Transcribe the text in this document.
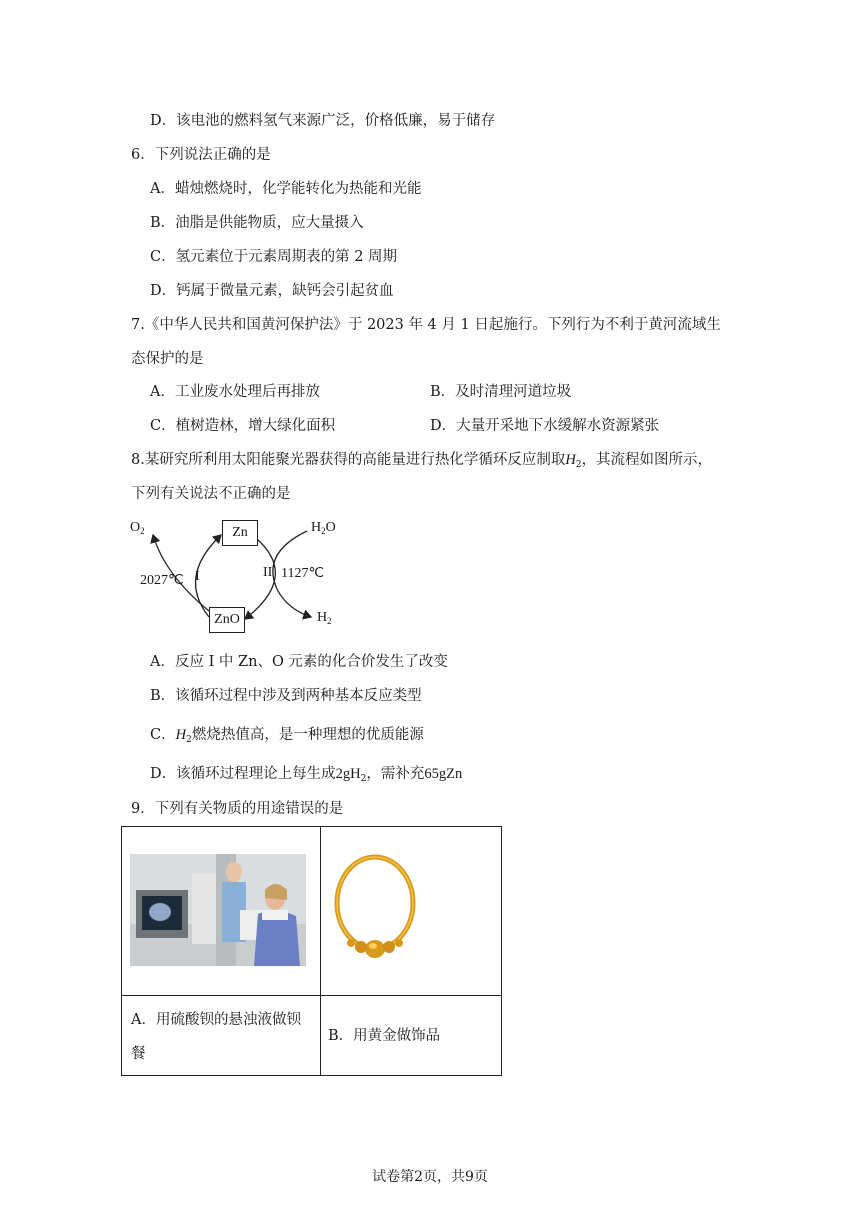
D．该电池的燃料氢气来源广泛，价格低廉，易于储存
6．下列说法正确的是
A．蜡烛燃烧时，化学能转化为热能和光能
B．油脂是供能物质，应大量摄入
C．氢元素位于元素周期表的第 2 周期
D．钙属于微量元素，缺钙会引起贫血
7.《中华人民共和国黄河保护法》于 2023 年 4 月 1 日起施行。下列行为不利于黄河流域生
态保护的是
A．工业废水处理后再排放	B．及时清理河道垃圾
C．植树造林，增大绿化面积	D．大量开采地下水缓解水资源紧张
8.某研究所利用太阳能聚光器获得的高能量进行热化学循环反应制取$H_2$，其流程如图所示，
下列有关说法不正确的是
Zn
ZnO
$O_2$	$H_2O$
$H_2$
2027℃ I	II 1127℃
A．反应 I 中 Zn、O 元素的化合价发生了改变
B．该循环过程中涉及到两种基本反应类型
C．$H_2$燃烧热值高，是一种理想的优质能源
D．该循环过程理论上每生成$2gH_2$，需补充65gZn
9．下列有关物质的用途错误的是
A．用硫酸钡的悬浊液做钡餐
B．用黄金做饰品
试卷第2页，共9页
